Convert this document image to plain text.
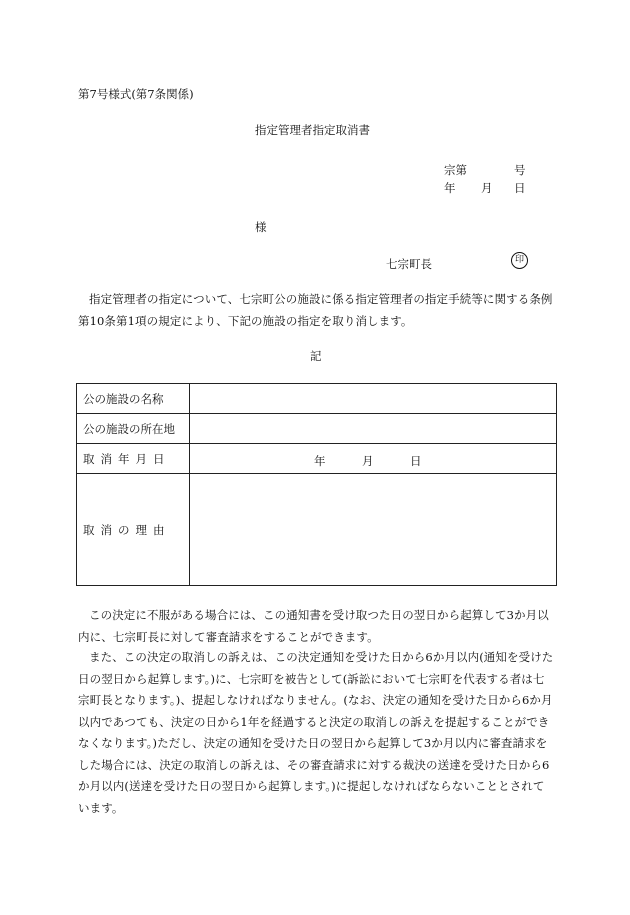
第7号様式(第7条関係)
指定管理者指定取消書
宗第	号
年 月 日
様
七宗町長	印

指定管理者の指定について、七宗町公の施設に係る指定管理者の指定手続等に関する条例第10条第1項の規定により、下記の施設の指定を取り消します。

記
公の施設の名称	
公の施設の所在地	
取消年月日	年 月 日

取消の理由	

この決定に不服がある場合には、この通知書を受け取つた日の翌日から起算して3か月以内に、七宗町長に対して審査請求をすることができます。

また、この決定の取消しの訴えは、この決定通知を受けた日から6か月以内(通知を受けた日の翌日から起算します。)に、七宗町を被告として(訴訟において七宗町を代表する者は七宗町長となります。)、提起しなければなりません。(なお、決定の通知を受けた日から6か月以内であつても、決定の日から1年を経過すると決定の取消しの訴えを提起することができなくなります。)ただし、決定の通知を受けた日の翌日から起算して3か月以内に審査請求をした場合には、決定の取消しの訴えは、その審査請求に対する裁決の送達を受けた日から6か月以内(送達を受けた日の翌日から起算します。)に提起しなければならないこととされています。
